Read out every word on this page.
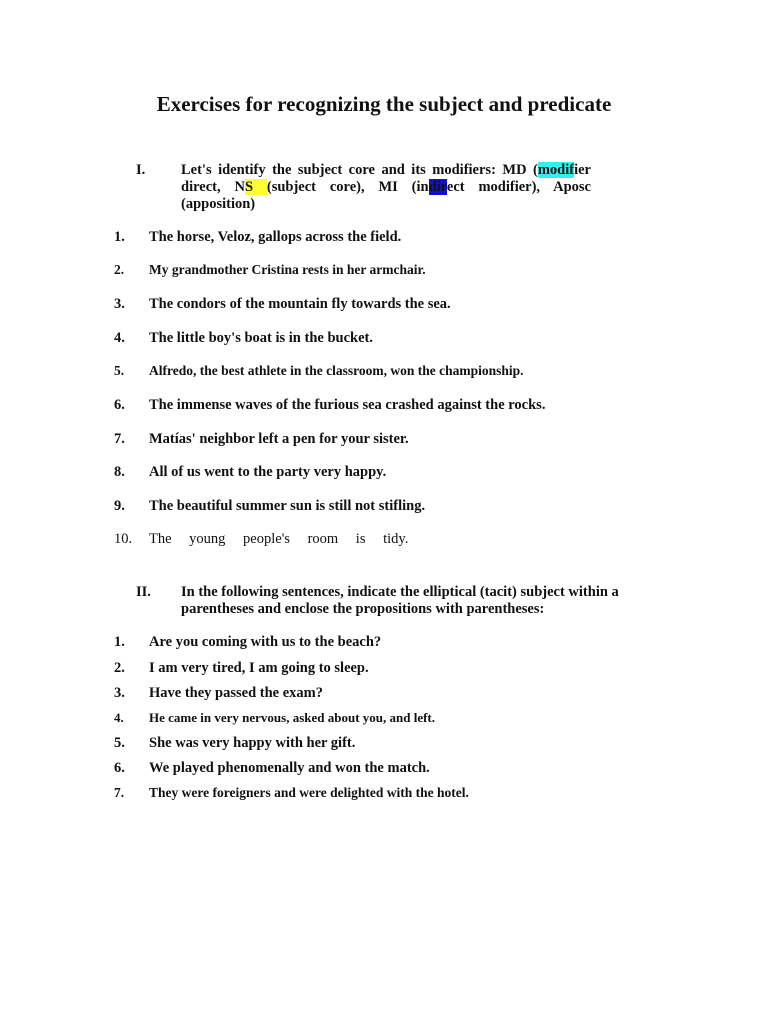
Exercises for recognizing the subject and predicate
I.	Let's identify the subject core and its modifiers: MD (modifier direct, NS (subject core), MI (indirect modifier), Aposc (apposition)
1.	The horse, Veloz, gallops across the field.
2.	My grandmother Cristina rests in her armchair.
3.	The condors of the mountain fly towards the sea.
4.	The little boy's boat is in the bucket.
5.	Alfredo, the best athlete in the classroom, won the championship.
6.	The immense waves of the furious sea crashed against the rocks.
7.	Matías' neighbor left a pen for your sister.
8.	All of us went to the party very happy.
9.	The beautiful summer sun is still not stifling.
10.	The young people's room is tidy.
II.	In the following sentences, indicate the elliptical (tacit) subject within a parentheses and enclose the propositions with parentheses:
1.	Are you coming with us to the beach?
2.	I am very tired, I am going to sleep.
3.	Have they passed the exam?
4.	He came in very nervous, asked about you, and left.
5.	She was very happy with her gift.
6.	We played phenomenally and won the match.
7.	They were foreigners and were delighted with the hotel.
